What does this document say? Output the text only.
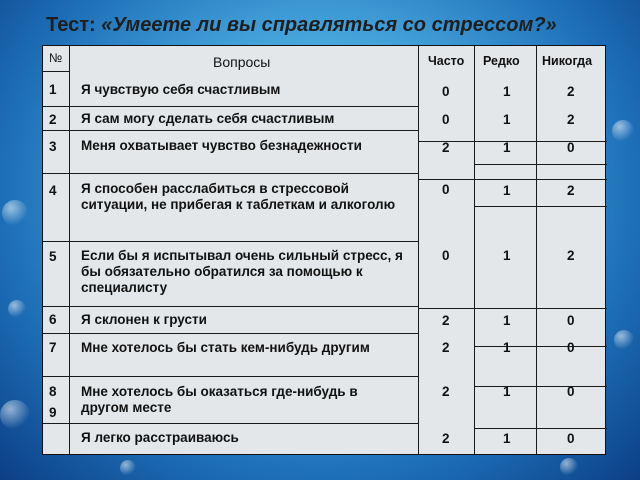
Тест: «Умеете ли вы справляться со стрессом?»
№	Вопросы	Часто Редко Никогда
1
2
3
4
5
6
7
8
9
Я чувствую себя счастливым
Я сам могу сделать себя счастливым
Меня охватывает чувство безнадежности
Я способен расслабиться в стрессовой ситуации, не прибегая к таблеткам и алкоголю
Если бы я испытывал очень сильный стресс, я бы обязательно обратился за помощью к специалисту
Я склонен к грусти
Мне хотелось бы стать кем-нибудь другим
Мне хотелось бы оказаться где-нибудь в другом месте
Я легко расстраиваюсь
0
0
2
0
0
2
2
2
2
1
1
1
1
1
1
1
1
1
2
2
0
2
2
0
0
0
0
